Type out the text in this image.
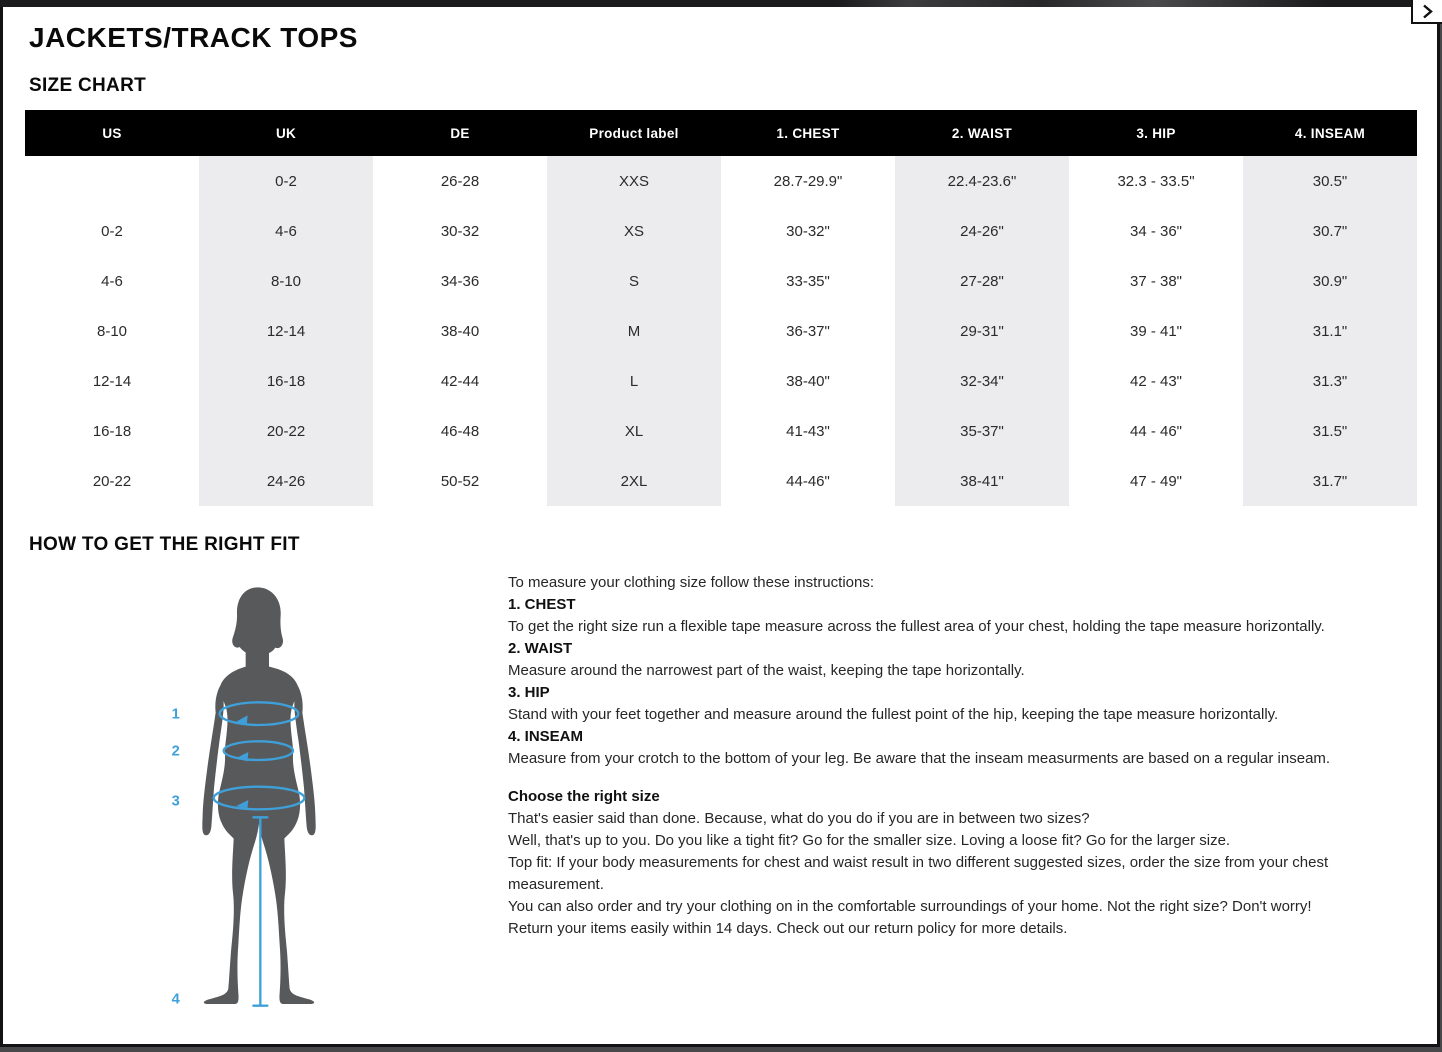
JACKETS/TRACK TOPS
SIZE CHART
US	UK	DE	Product label	1. CHEST	2. WAIST	3. HIP	4. INSEAM
	0-2	26-28	XXS	28.7-29.9"	22.4-23.6"	32.3 - 33.5"	30.5"
0-2	4-6	30-32	XS	30-32"	24-26"	34 - 36"	30.7"
4-6	8-10	34-36	S	33-35"	27-28"	37 - 38"	30.9"
8-10	12-14	38-40	M	36-37"	29-31"	39 - 41"	31.1"
12-14	16-18	42-44	L	38-40"	32-34"	42 - 43"	31.3"
16-18	20-22	46-48	XL	41-43"	35-37"	44 - 46"	31.5"
20-22	24-26	50-52	2XL	44-46"	38-41"	47 - 49"	31.7"
HOW TO GET THE RIGHT FIT
1
2
3
4
To measure your clothing size follow these instructions:
1. CHEST
To get the right size run a flexible tape measure across the fullest area of your chest, holding the tape measure horizontally.
2. WAIST
Measure around the narrowest part of the waist, keeping the tape horizontally.
3. HIP
Stand with your feet together and measure around the fullest point of the hip, keeping the tape measure horizontally.
4. INSEAM
Measure from your crotch to the bottom of your leg. Be aware that the inseam measurments are based on a regular inseam.
Choose the right size
That's easier said than done. Because, what do you do if you are in between two sizes?
Well, that's up to you. Do you like a tight fit? Go for the smaller size. Loving a loose fit? Go for the larger size.
Top fit: If your body measurements for chest and waist result in two different suggested sizes, order the size from your chest measurement.
You can also order and try your clothing on in the comfortable surroundings of your home. Not the right size? Don't worry!
Return your items easily within 14 days. Check out our return policy for more details.
